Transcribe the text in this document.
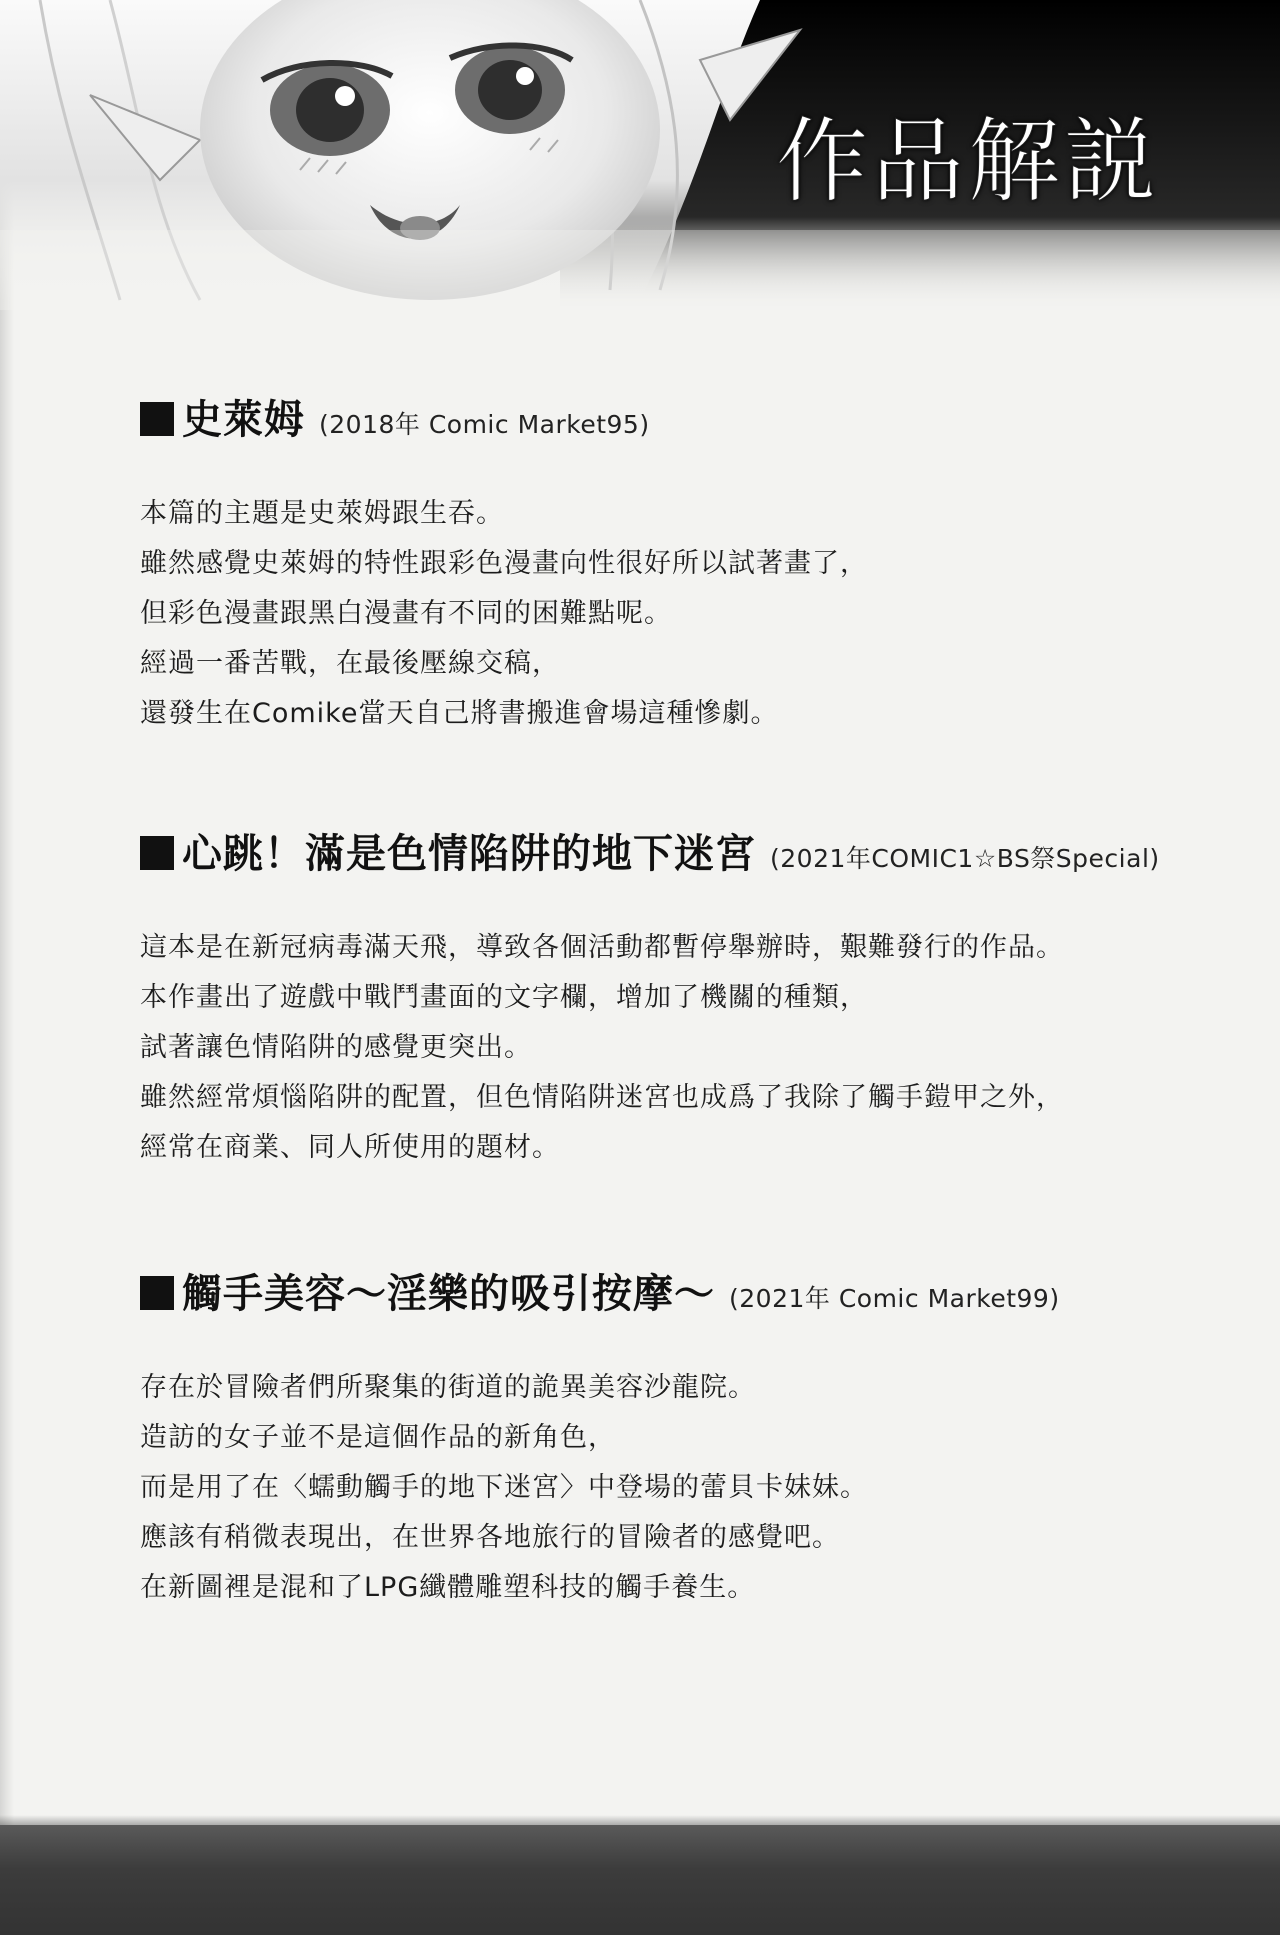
作品解説
史萊姆 (2018年 Comic Market95)
本篇的主題是史萊姆跟生吞。
雖然感覺史萊姆的特性跟彩色漫畫向性很好所以試著畫了，
但彩色漫畫跟黑白漫畫有不同的困難點呢。
經過一番苦戰，在最後壓線交稿，
還發生在Comike當天自己將書搬進會場這種慘劇。
心跳！滿是色情陷阱的地下迷宮 (2021年COMIC1☆BS祭Special)
這本是在新冠病毒滿天飛，導致各個活動都暫停舉辦時，艱難發行的作品。
本作畫出了遊戲中戰鬥畫面的文字欄，增加了機關的種類，
試著讓色情陷阱的感覺更突出。
雖然經常煩惱陷阱的配置，但色情陷阱迷宮也成爲了我除了觸手鎧甲之外，
經常在商業、同人所使用的題材。
觸手美容～淫樂的吸引按摩～ (2021年 Comic Market99)
存在於冒險者們所聚集的街道的詭異美容沙龍院。
造訪的女子並不是這個作品的新角色，
而是用了在〈蠕動觸手的地下迷宮〉中登場的蕾貝卡妹妹。
應該有稍微表現出，在世界各地旅行的冒險者的感覺吧。
在新圖裡是混和了LPG纖體雕塑科技的觸手養生。
